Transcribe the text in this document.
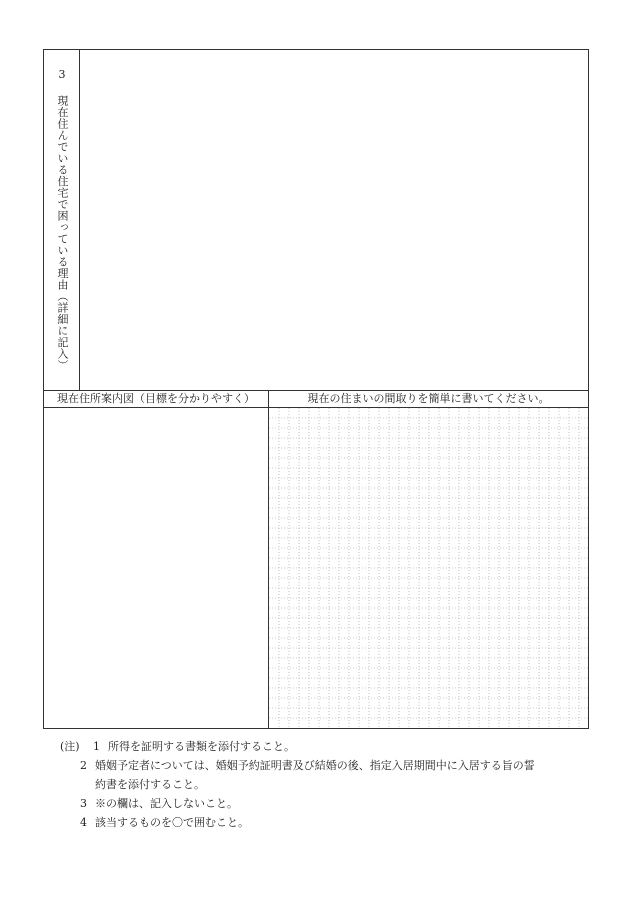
3
現在住んでいる住宅で困っている理由（詳細に記入）
現在住所案内図（目標を分かりやすく）	現在の住まいの間取りを簡単に書いてください。
(注) 1 所得を証明する書類を添付すること。
2 婚姻予定者については、婚姻予約証明書及び結婚の後、指定入居期間中に入居する旨の誓
約書を添付すること。
3 ※の欄は、記入しないこと。
4 該当するものを〇で囲むこと。
